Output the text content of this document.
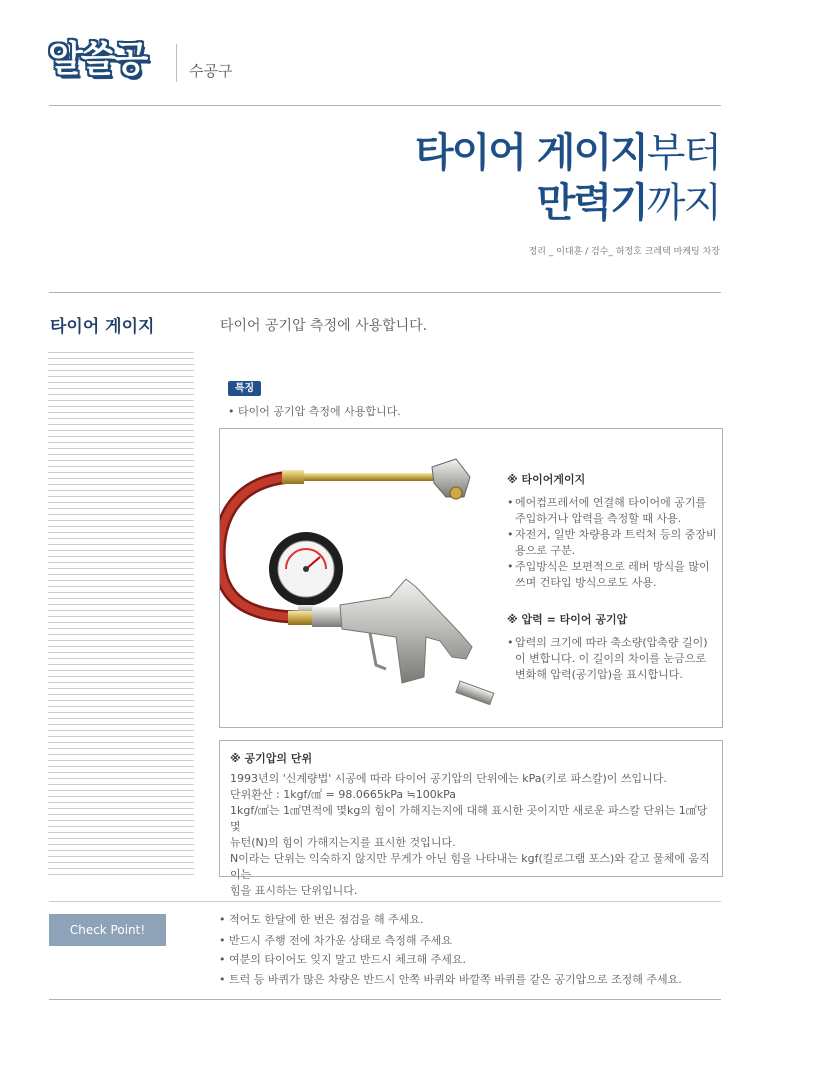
알쓸공	수공구
타이어 게이지부터
만력기까지
정리 _ 이대훈 / 검수_ 허정호 크레텍 마케팅 차장
타이어 게이지	타이어 공기압 측정에 사용합니다.
특징
• 타이어 공기압 측정에 사용합니다.
※ 타이어게이지
• 에어컴프레서에 연결해 타이어에 공기를 주입하거나 압력을 측정할 때 사용.
• 자전거, 일반 차량용과 트럭처 등의 중장비 용으로 구분.
• 주입방식은 보편적으로 레버 방식을 많이 쓰며 건타입 방식으로도 사용.
※ 압력 = 타이어 공기압
• 압력의 크기에 따라 축소량(압축량 길이)이 변합니다. 이 길이의 차이를 눈금으로 변화해 압력(공기압)을 표시합니다.
※ 공기압의 단위
1993년의 '신계량법' 시공에 따라 타이어 공기압의 단위에는 kPa(키로 파스칼)이 쓰입니다.
단위환산 : 1kgf/㎠ = 98.0665kPa ≒100kPa
1kgf/㎠는 1㎠면적에 몇kg의 힘이 가해지는지에 대해 표시한 곳이지만 새로운 파스칼 단위는 1㎠당 몇
뉴턴(N)의 힘이 가해지는지를 표시한 것입니다.
N이라는 단위는 익숙하지 않지만 무게가 아닌 힘을 나타내는 kgf(킬로그램 포스)와 같고 물체에 움직이는
힘을 표시하는 단위입니다.
Check Point!
• 적어도 한달에 한 번은 점검을 해 주세요.
• 반드시 주행 전에 차가운 상태로 측정해 주세요
• 여분의 타이어도 잊지 말고 반드시 체크해 주세요.
• 트럭 등 바퀴가 많은 차량은 반드시 안쪽 바퀴와 바깥쪽 바퀴를 같은 공기압으로 조정해 주세요.
